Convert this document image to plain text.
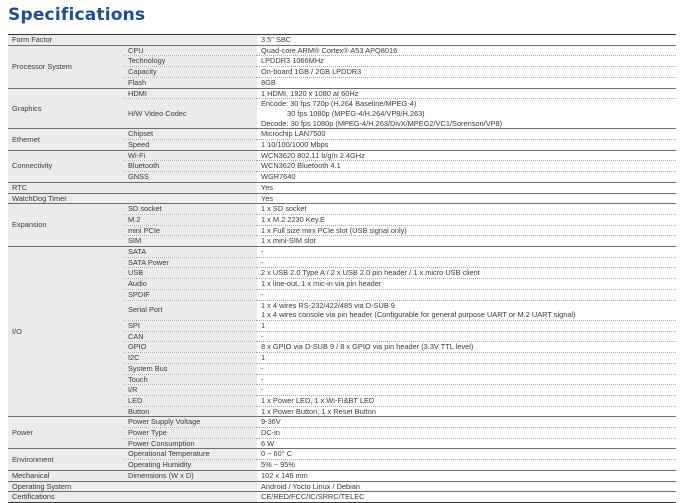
Specifications
Form Factor		3.5" SBC

Processor System	CPU	Quad-core ARM® Cortex® A53 APQ8016

	Technology	LPDDR3 1066MHz

	Capacity	On-board 1GB / 2GB LPDDR3

	Flash	8GB

Graphics	HDMI	1 HDMI, 1920 x 1080 at 60Hz

	H/W Video Codec	Encode: 30 fps 720p (H.264 Baseline/MPEG-4)
30 fps 1080p (MPEG-4/H.264/VP8/H.263)
Decode: 30 fps 1080p (MPEG-4/H.263/DivX/MPEG2/VC1/Sorenson/VP8)

Ethernet	Chipset	Microchip LAN7500

	Speed	1 10/100/1000 Mbps

Connectivity	Wi-Fi	WCN3620 802.11 b/g/n 2.4GHz

	Bluetooth	WCN3620 Bluetooth 4.1

	GNSS	WGR7640

RTC		Yes

WatchDog Timer		Yes

Expansion	SD socket	1 x SD socket

	M.2	1 x M.2 2230 Key.E

	mini PCIe	1 x Full size mini PCIe slot (USB signal only)

	SIM	1 x mini-SIM slot

I/O	SATA	-

	SATA Power	-

	USB	2 x USB 2.0 Type A / 2 x USB 2.0 pin header / 1 x micro USB client

	Audio	1 x line-out, 1 x mic-in via pin header

	SPDIF	-

	Serial Port	1 x 4 wires RS-232/422/485 via D-SUB 9
1 x 4 wires console via pin header (Configurable for general purpose UART or M.2 UART signal)

	SPI	1

	CAN	-

	GPIO	8 x GPIO via D-SUB 9 / 8 x GPIO via pin header (3.3V TTL level)

	I2C	1

	System Bus	-

	Touch	-

	I/R	-

	LED	1 x Power LED, 1 x Wi-Fi&BT LED

	Button	1 x Power Button, 1 x Reset Button

Power	Power Supply Voltage	9-36V

	Power Type	DC-in

	Power Consumption	6 W

Environment	Operational Temperature	0 ~ 60° C

	Operating Humidity	5% ~ 95%

Mechanical	Dimensions (W x D)	102 x 146 mm

Operating System		Android / Yocto Linux / Debian

Certifications		CE/RED/FCC/IC/SRRC/TELEC
